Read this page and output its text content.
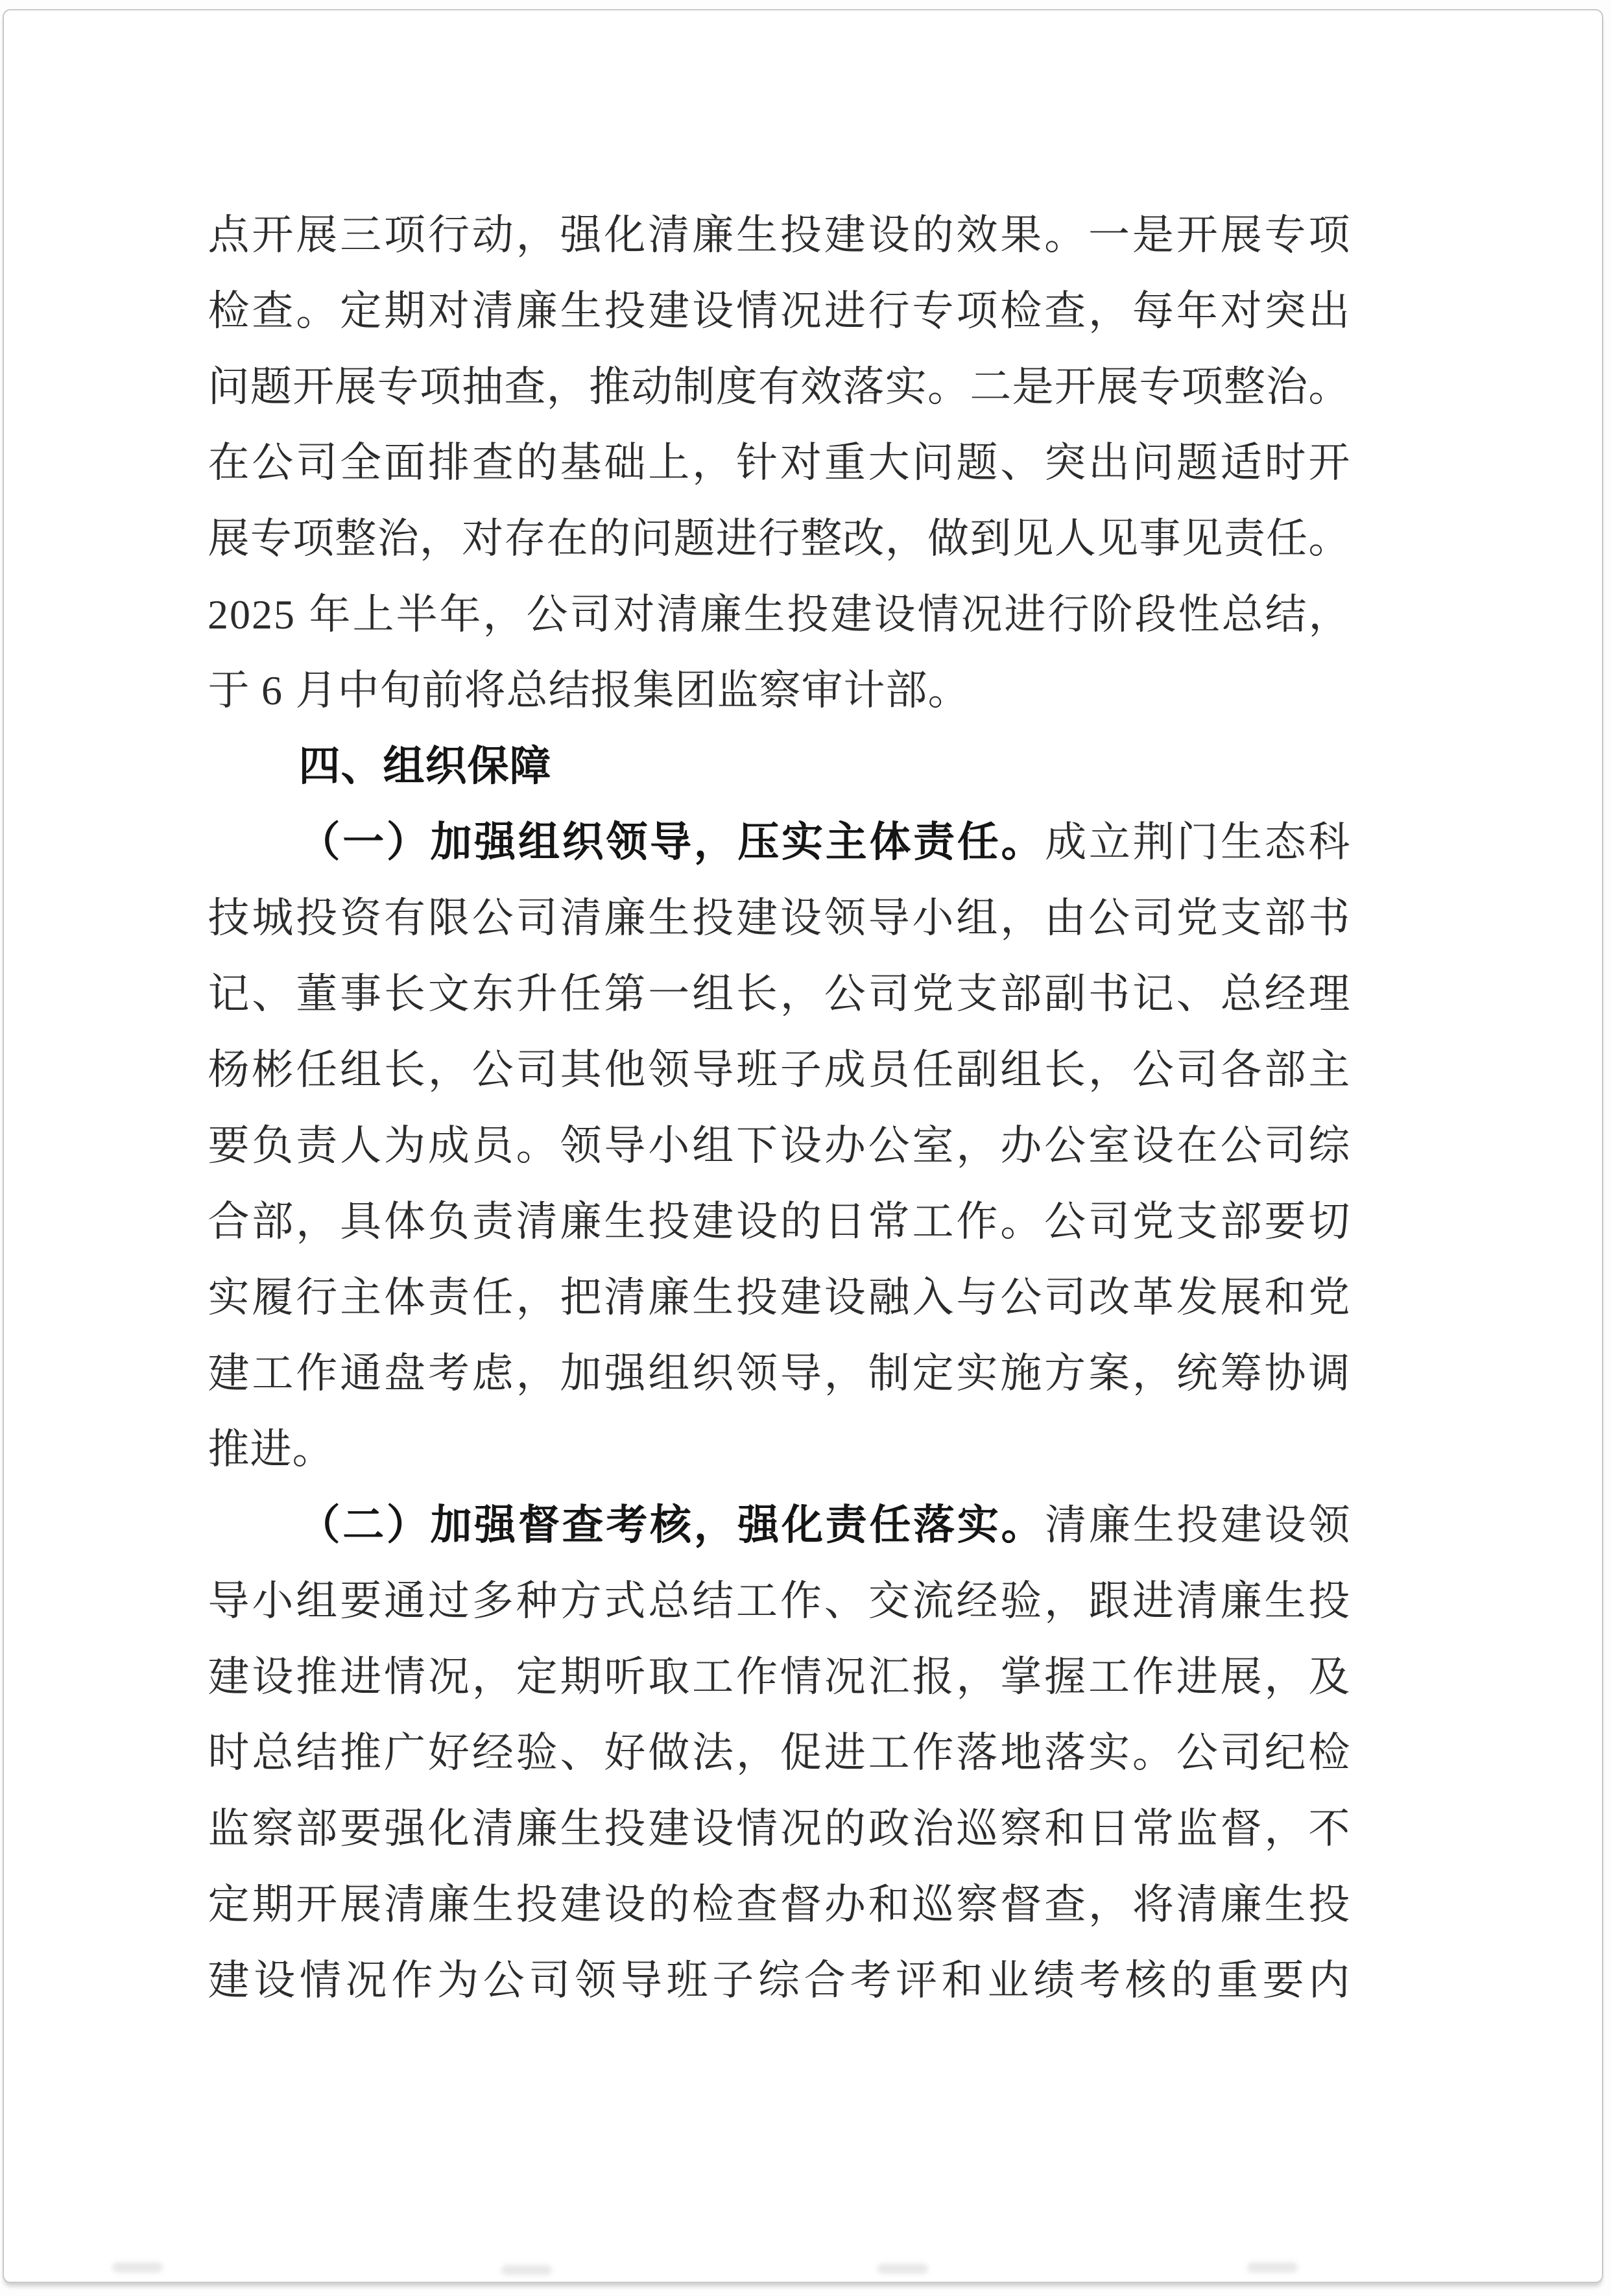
点 开 展 三 项 行 动 ， 强 化 清 廉 生 投 建 设 的 效 果 。 一 是 开 展 专 项
检 查 。 定 期 对 清 廉 生 投 建 设 情 况 进 行 专 项 检 查 ， 每 年 对 突 出
问 题 开 展 专 项 抽 查 ， 推 动 制 度 有 效 落 实 。 二 是 开 展 专 项 整 治 。
在 公 司 全 面 排 查 的 基 础 上 ， 针 对 重 大 问 题 、 突 出 问 题 适 时 开
展 专 项 整 治 ， 对 存 在 的 问 题 进 行 整 改 ， 做 到 见 人 见 事 见 责 任 。
2025 年 上 半 年 ， 公 司 对 清 廉 生 投 建 设 情 况 进 行 阶 段 性 总 结 ，
于 6 月 中 旬 前 将 总 结 报 集 团 监 察 审 计 部 。
四 、 组 织 保 障
（ 一 ） 加 强 组 织 领 导 ， 压 实 主 体 责 任 。 成 立 荆 门 生 态 科
技 城 投 资 有 限 公 司 清 廉 生 投 建 设 领 导 小 组 ， 由 公 司 党 支 部 书
记 、 董 事 长 文 东 升 任 第 一 组 长 ， 公 司 党 支 部 副 书 记 、 总 经 理
杨 彬 任 组 长 ， 公 司 其 他 领 导 班 子 成 员 任 副 组 长 ， 公 司 各 部 主
要 负 责 人 为 成 员 。 领 导 小 组 下 设 办 公 室 ， 办 公 室 设 在 公 司 综
合 部 ， 具 体 负 责 清 廉 生 投 建 设 的 日 常 工 作 。 公 司 党 支 部 要 切
实 履 行 主 体 责 任 ， 把 清 廉 生 投 建 设 融 入 与 公 司 改 革 发 展 和 党
建 工 作 通 盘 考 虑 ， 加 强 组 织 领 导 ， 制 定 实 施 方 案 ， 统 筹 协 调
推 进 。
（ 二 ） 加 强 督 查 考 核 ， 强 化 责 任 落 实 。 清 廉 生 投 建 设 领
导 小 组 要 通 过 多 种 方 式 总 结 工 作 、 交 流 经 验 ， 跟 进 清 廉 生 投
建 设 推 进 情 况 ， 定 期 听 取 工 作 情 况 汇 报 ， 掌 握 工 作 进 展 ， 及
时 总 结 推 广 好 经 验 、 好 做 法 ， 促 进 工 作 落 地 落 实 。 公 司 纪 检
监 察 部 要 强 化 清 廉 生 投 建 设 情 况 的 政 治 巡 察 和 日 常 监 督 ， 不
定 期 开 展 清 廉 生 投 建 设 的 检 查 督 办 和 巡 察 督 查 ， 将 清 廉 生 投
建 设 情 况 作 为 公 司 领 导 班 子 综 合 考 评 和 业 绩 考 核 的 重 要 内
